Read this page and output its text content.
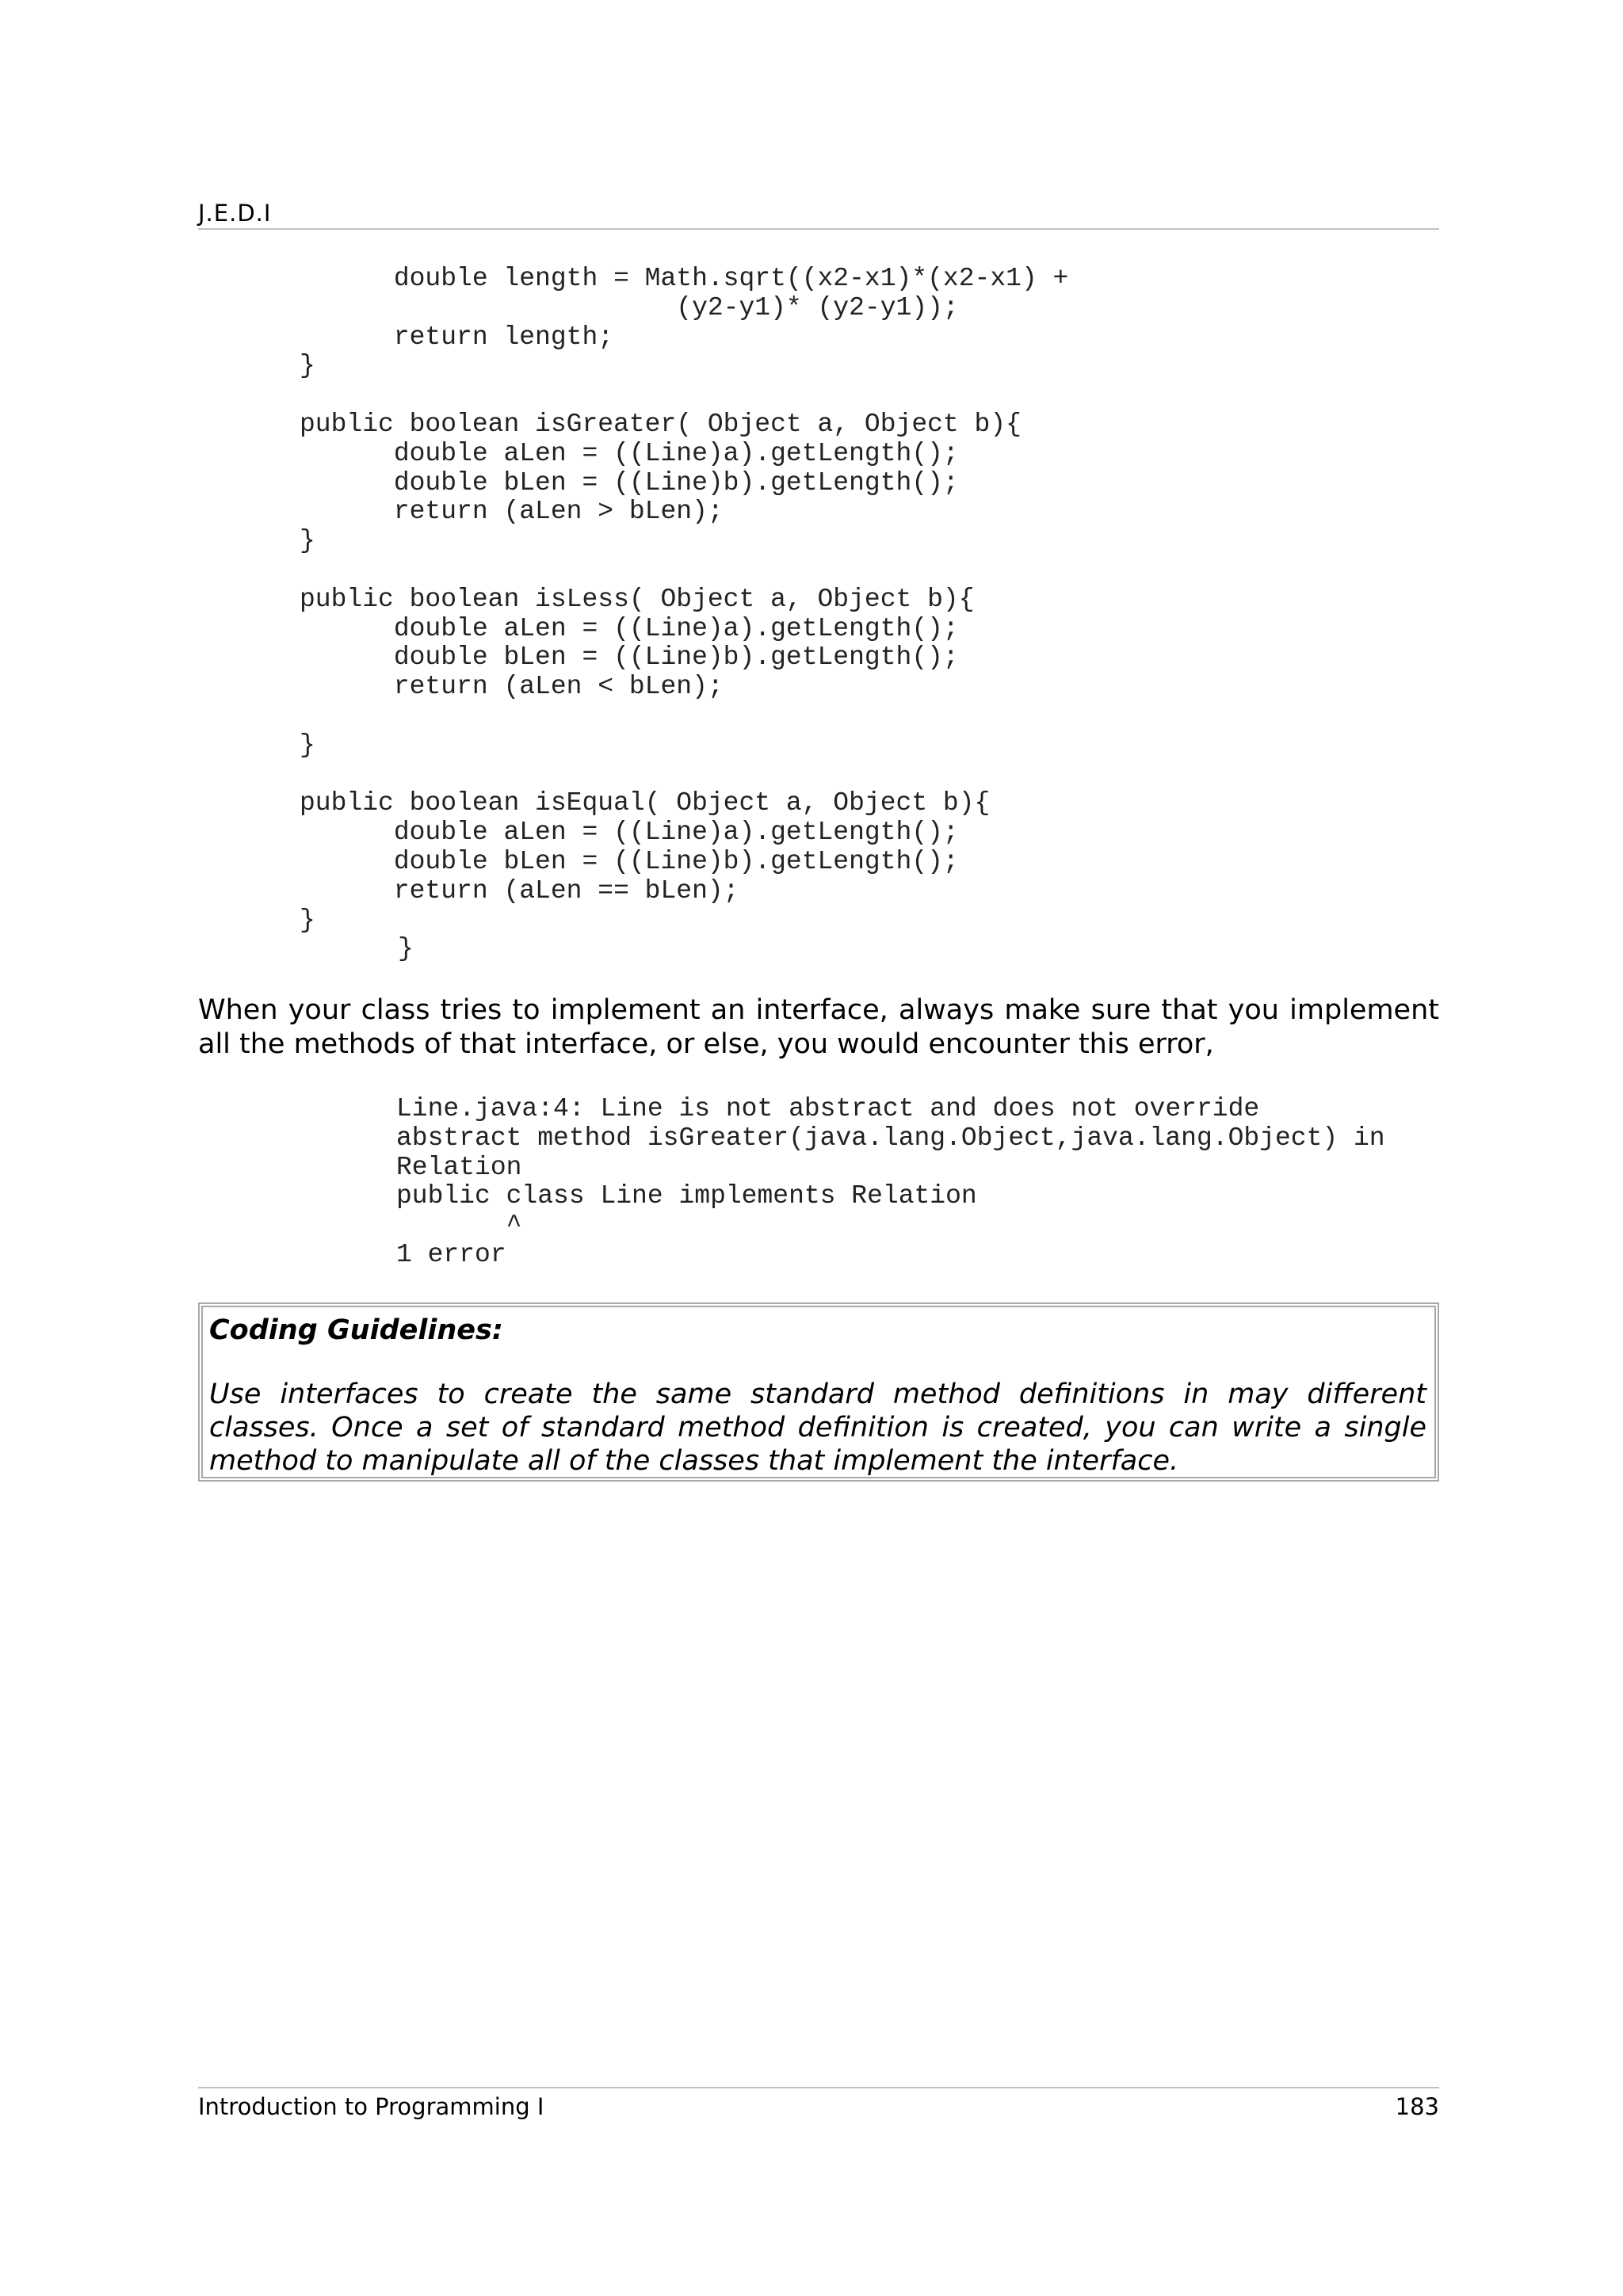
J.E.D.I
double length = Math.sqrt((x2-x1)*(x2-x1) +
(y2-y1)* (y2-y1));
return length;
}

public boolean isGreater( Object a, Object b){
double aLen = ((Line)a).getLength();
double bLen = ((Line)b).getLength();
return (aLen > bLen);
}

public boolean isLess( Object a, Object b){
double aLen = ((Line)a).getLength();
double bLen = ((Line)b).getLength();
return (aLen < bLen);

}

public boolean isEqual( Object a, Object b){
double aLen = ((Line)a).getLength();
double bLen = ((Line)b).getLength();
return (aLen == bLen);
}
}
When your class tries to implement an interface, always make sure that you implement all the methods of that interface, or else, you would encounter this error,
Line.java:4: Line is not abstract and does not override
abstract method isGreater(java.lang.Object,java.lang.Object) in
Relation
public class Line implements Relation
^
1 error
Coding Guidelines:
Use interfaces to create the same standard method definitions in may different classes. Once a set of standard method definition is created, you can write a single method to manipulate all of the classes that implement the interface.
Introduction to Programming I	183
